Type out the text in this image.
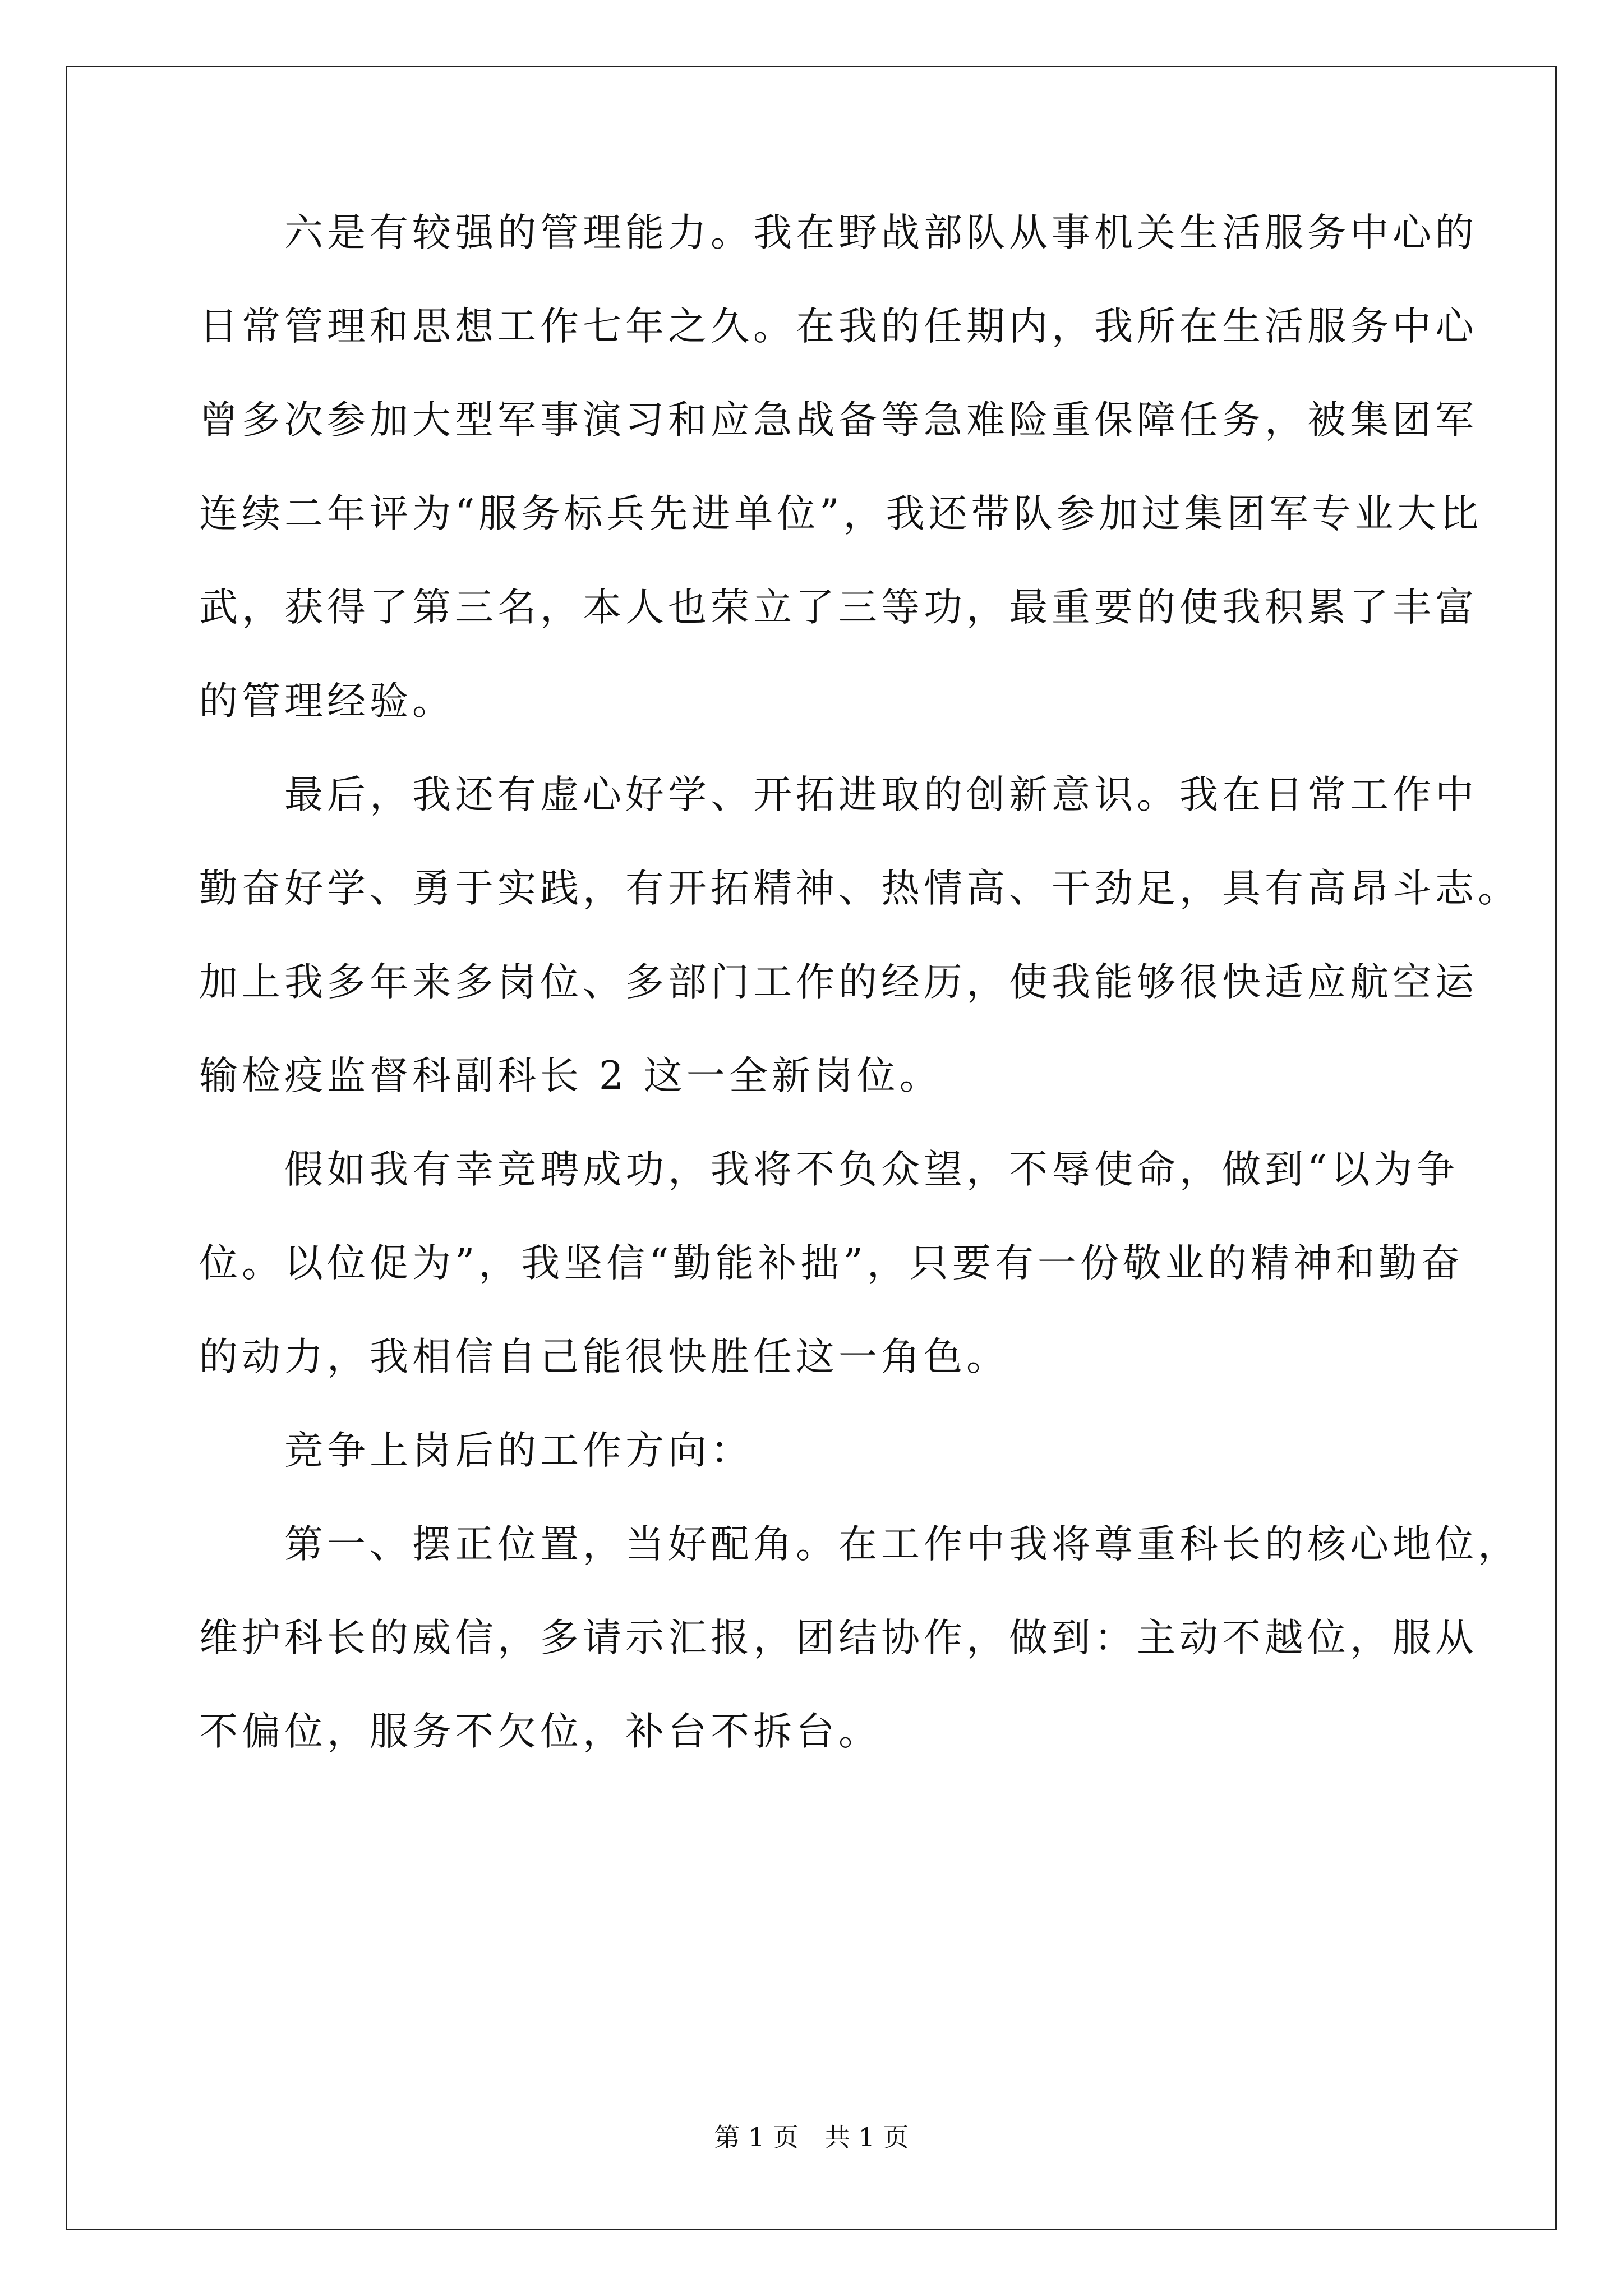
　　六是有较强的管理能力。我在野战部队从事机关生活服务中心的
日常管理和思想工作七年之久。在我的任期内，我所在生活服务中心
曾多次参加大型军事演习和应急战备等急难险重保障任务，被集团军
连续二年评为“服务标兵先进单位”，我还带队参加过集团军专业大比
武，获得了第三名，本人也荣立了三等功，最重要的使我积累了丰富
的管理经验。
　　最后，我还有虚心好学、开拓进取的创新意识。我在日常工作中
勤奋好学、勇于实践，有开拓精神、热情高、干劲足，具有高昂斗志。
加上我多年来多岗位、多部门工作的经历，使我能够很快适应航空运
输检疫监督科副科长 2 这一全新岗位。
　　假如我有幸竞聘成功，我将不负众望，不辱使命，做到“以为争
位。以位促为”，我坚信“勤能补拙”，只要有一份敬业的精神和勤奋
的动力，我相信自己能很快胜任这一角色。
　　竞争上岗后的工作方向：
　　第一、摆正位置，当好配角。在工作中我将尊重科长的核心地位，
维护科长的威信，多请示汇报，团结协作，做到：主动不越位，服从
不偏位，服务不欠位，补台不拆台。
第 1 页　共 1 页
